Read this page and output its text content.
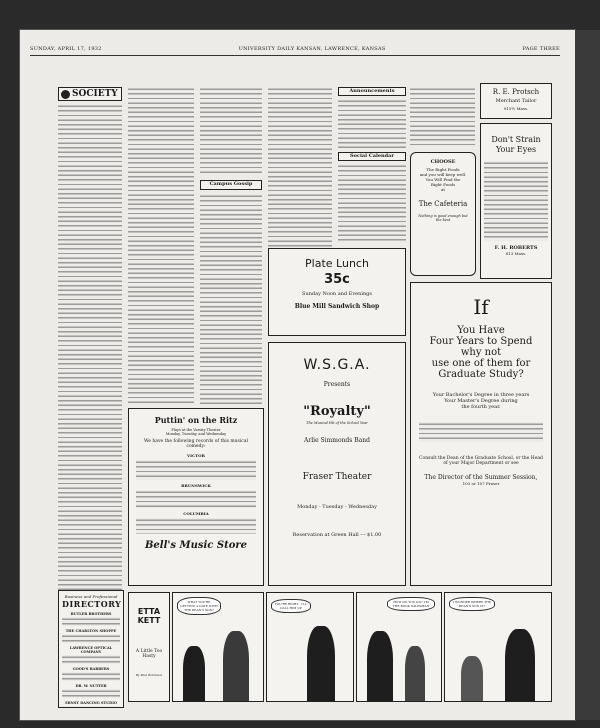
SUNDAY, APRIL 17, 1932	UNIVERSITY DAILY KANSAN, LAWRENCE, KANSAS	PAGE THREE
SOCIETY
Campus Gossip
Announcements
Social Calendar
R. E. Protsch
Merchant Tailor
915½ Mass.
Don't Strain Your Eyes
F. H. ROBERTS
813 Mass.
CHOOSE
The Right Foods
and you will keep well.
You Will Find the
Right Foods
at
The Cafeteria
Nothing is good enough but the best
Plate Lunch
35c
Sunday Noon and Evenings
Blue Mill Sandwich Shop
W.S.G.A.
Presents
"Royalty"
The Musical Hit of the School Year
Arlie Simmonds Band
Fraser Theater
Monday - Tuesday - Wednesday
Reservation at Green Hall --- $1.00
If
You Have
Four Years to Spend
why not
use one of them for
Graduate Study?
Your Bachelor's Degree in three years
Your Master's Degree during
the fourth year.
Consult the Dean of the Graduate School, or the Head of your Major Department or see
The Director of the Summer Session,
103 or 107 Fraser
Puttin' on the Ritz
Plays at the Varsity Theater
Monday, Tuesday, and Wednesday
We have the following records of this musical comedy:
VICTOR
BRUNSWICK
COLUMBIA
Bell's Music Store
Business and Professional
DIRECTORY
BUTLER BROTHERS
THE CHARLTON SHOPPE
LAWRENCE OPTICAL COMPANY
GOOD'S BARBERS
DR. W. NUTTER
ERNST DANCING STUDIO
ETTA KETT
A Little Too Hasty
By Paul Robinson
WHAT YOU'RE GETTING A DATE WITH THE DEAN'S SON?
YOU'RE RIGHT - I'LL CALL HIM UP
HOW DO YOU DO? I'M THE BOOK SALESMAN
I WONDER WHERE THE DEAN'S SON IS?
